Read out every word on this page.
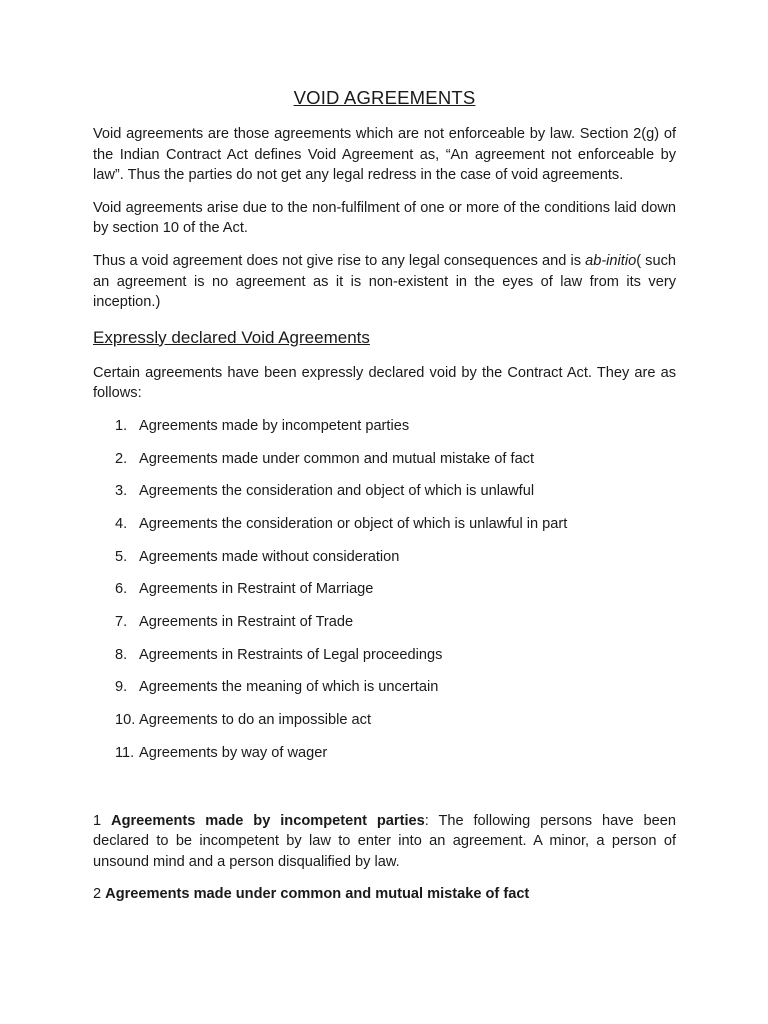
VOID AGREEMENTS

Void agreements are those agreements which are not enforceable by law. Section 2(g) of the Indian Contract Act defines Void Agreement as, “An agreement not enforceable by law”. Thus the parties do not get any legal redress in the case of void agreements.

Void agreements arise due to the non-fulfilment of one or more of the conditions laid down by section 10 of the Act.

Thus a void agreement does not give rise to any legal consequences and is ab-initio( such an agreement is no agreement as it is non-existent in the eyes of law from its very inception.)

Expressly declared Void Agreements

Certain agreements have been expressly declared void by the Contract Act. They are as follows:

1. Agreements made by incompetent parties
2. Agreements made under common and mutual mistake of fact
3. Agreements the consideration and object of which is unlawful
4. Agreements the consideration or object of which is unlawful in part
5. Agreements made without consideration
6. Agreements in Restraint of Marriage
7. Agreements in Restraint of Trade
8. Agreements in Restraints of Legal proceedings
9. Agreements the meaning of which is uncertain
10. Agreements to do an impossible act
11. Agreements by way of wager

1 Agreements made by incompetent parties: The following persons have been declared to be incompetent by law to enter into an agreement. A minor, a person of unsound mind and a person disqualified by law.

2 Agreements made under common and mutual mistake of fact
